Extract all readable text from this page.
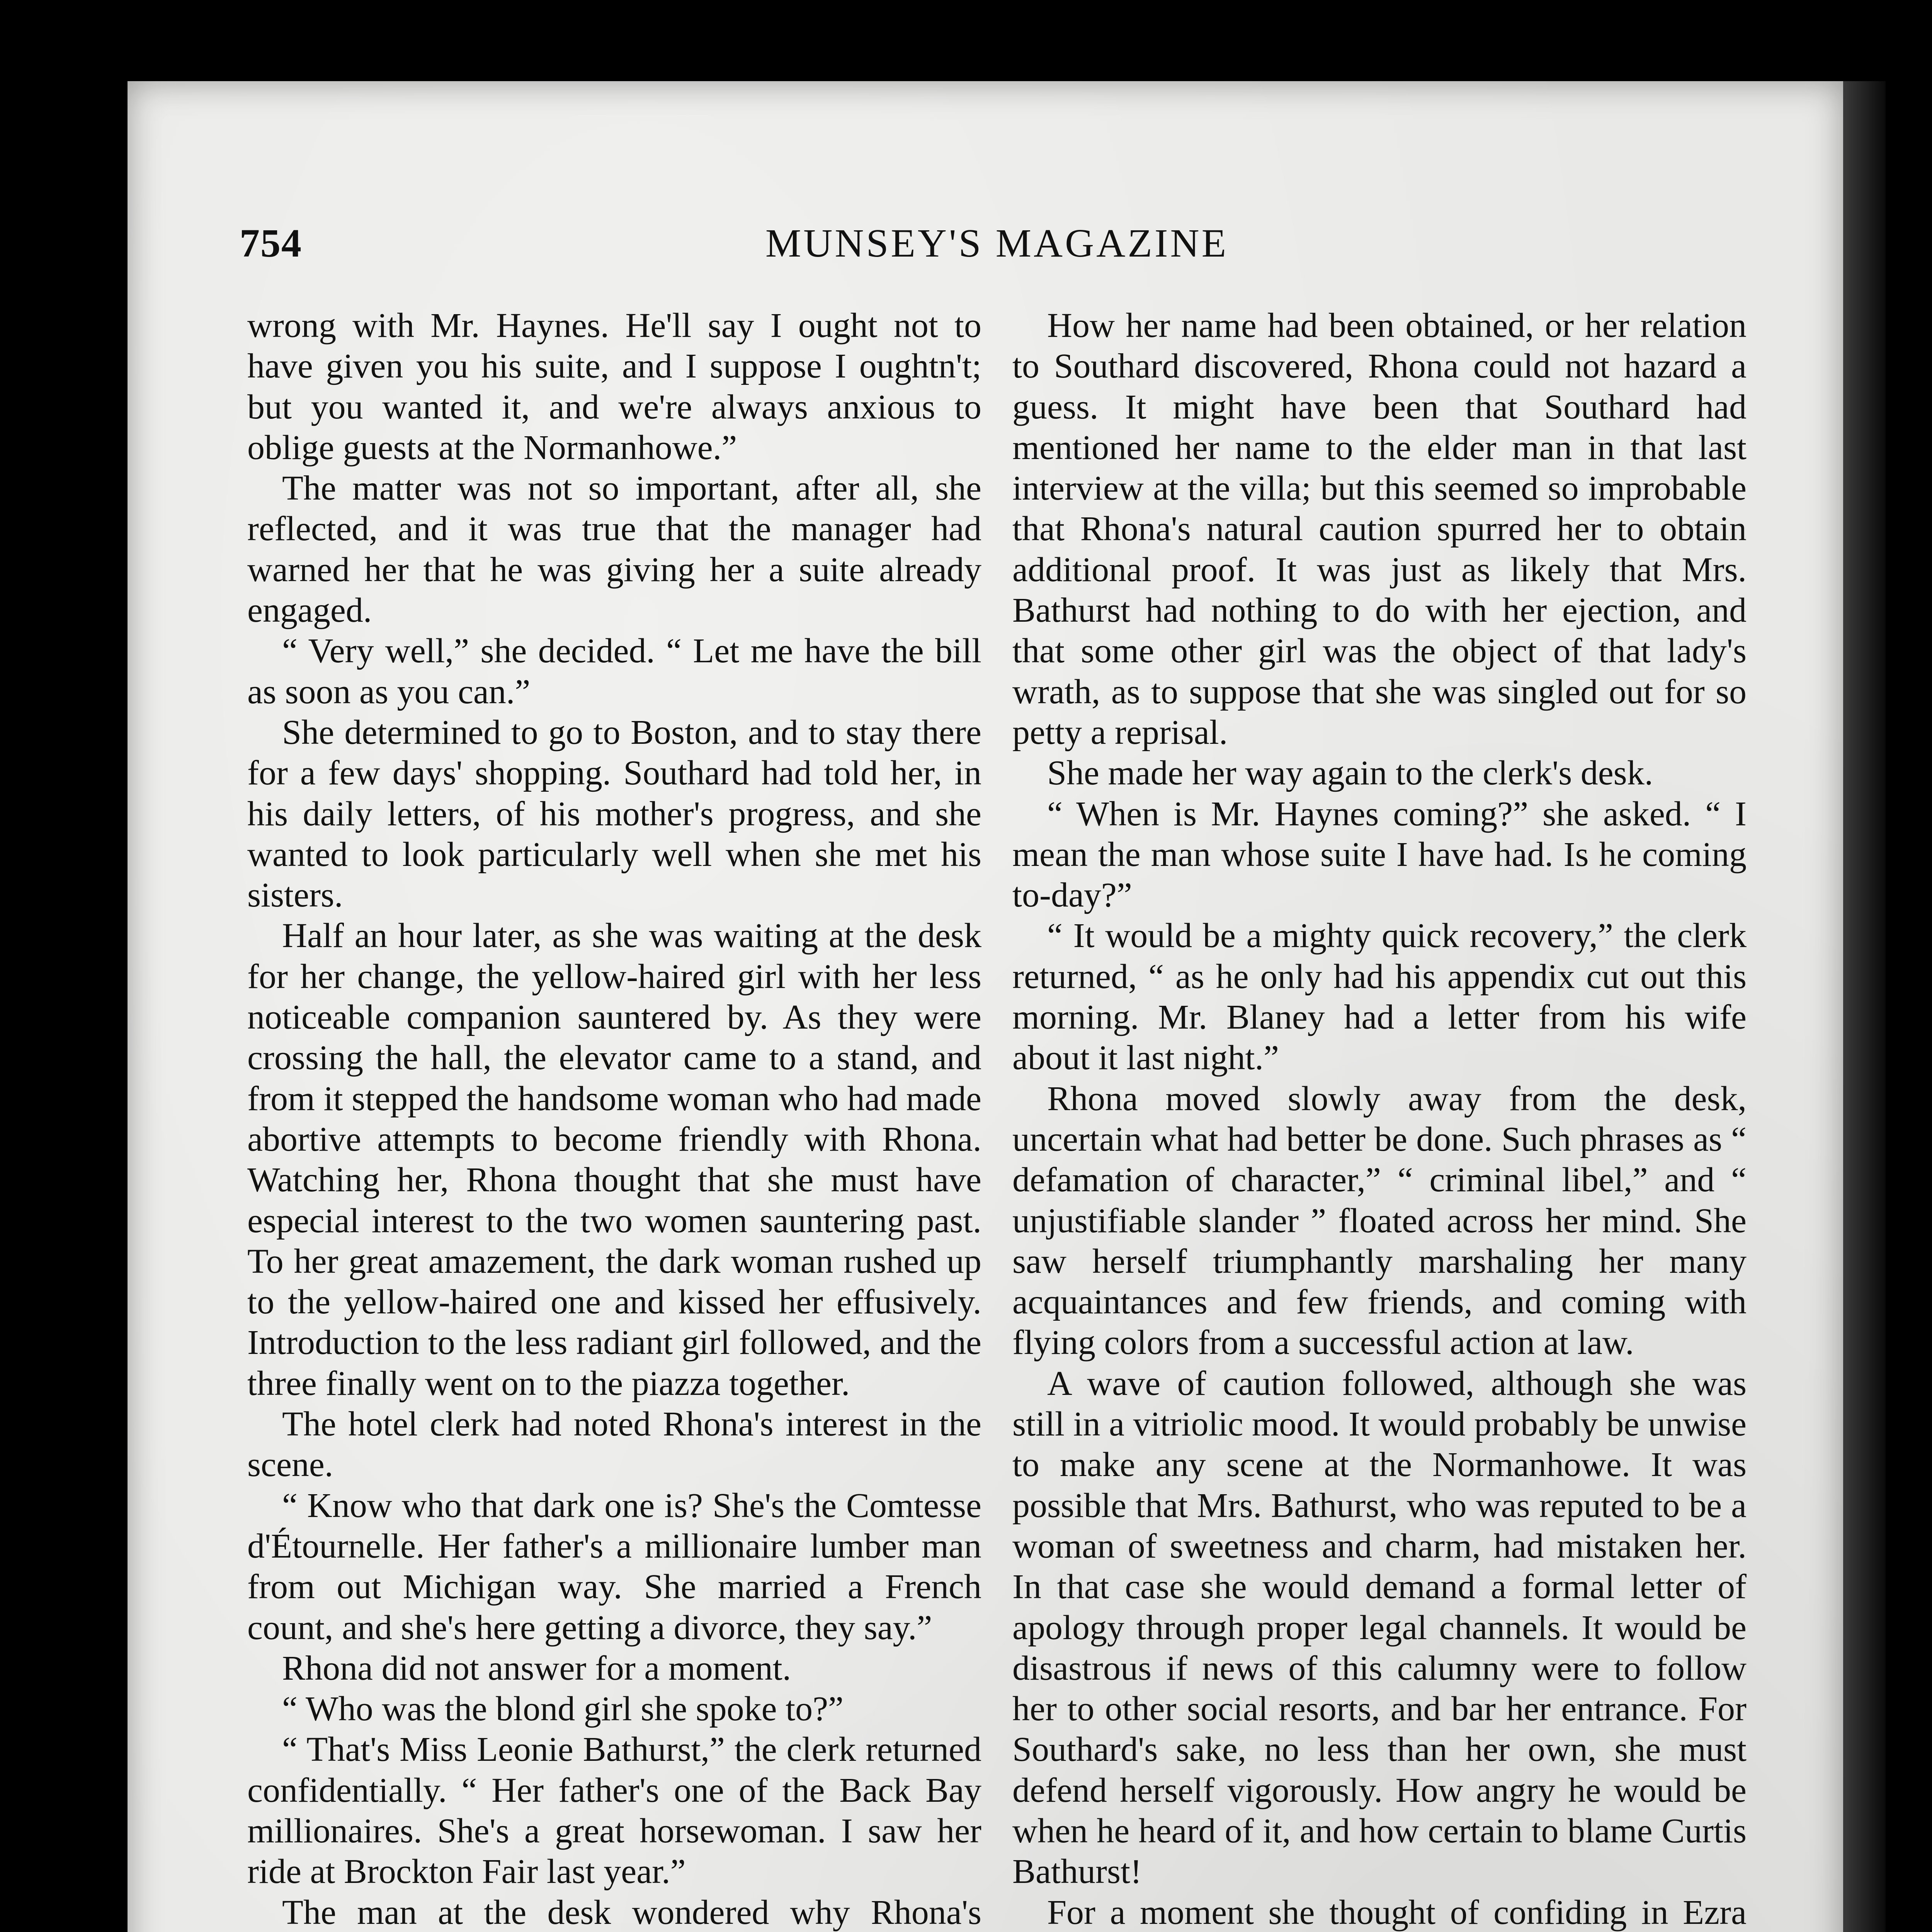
754	MUNSEY'S MAGAZINE

wrong with Mr. Haynes. He'll say I ought not to have given you his suite, and I suppose I oughtn't; but you wanted it, and we're always anxious to oblige guests at the Normanhowe.”

The matter was not so important, after all, she reflected, and it was true that the manager had warned her that he was giving her a suite already engaged.

“ Very well,” she decided. “ Let me have the bill as soon as you can.”

She determined to go to Boston, and to stay there for a few days' shopping. Southard had told her, in his daily letters, of his mother's progress, and she wanted to look particularly well when she met his sisters.

Half an hour later, as she was waiting at the desk for her change, the yellow-haired girl with her less noticeable companion sauntered by. As they were crossing the hall, the elevator came to a stand, and from it stepped the handsome woman who had made abortive attempts to become friendly with Rhona. Watching her, Rhona thought that she must have especial interest to the two women sauntering past. To her great amazement, the dark woman rushed up to the yellow-haired one and kissed her effusively. Introduction to the less radiant girl followed, and the three finally went on to the piazza together.

The hotel clerk had noted Rhona's interest in the scene.

“ Know who that dark one is? She's the Comtesse d'Étournelle. Her father's a millionaire lumber man from out Michigan way. She married a French count, and she's here getting a divorce, they say.”

Rhona did not answer for a moment.

“ Who was the blond girl she spoke to?”

“ That's Miss Leonie Bathurst,” the clerk returned confidentially. “ Her father's one of the Back Bay millionaires. She's a great horsewoman. I saw her ride at Brockton Fair last year.”

The man at the desk wondered why Rhona's

How her name had been obtained, or her relation to Southard discovered, Rhona could not hazard a guess. It might have been that Southard had mentioned her name to the elder man in that last interview at the villa; but this seemed so improbable that Rhona's natural caution spurred her to obtain additional proof. It was just as likely that Mrs. Bathurst had nothing to do with her ejection, and that some other girl was the object of that lady's wrath, as to suppose that she was singled out for so petty a reprisal.

She made her way again to the clerk's desk.

“ When is Mr. Haynes coming?” she asked. “ I mean the man whose suite I have had. Is he coming to-day?”

“ It would be a mighty quick recovery,” the clerk returned, “ as he only had his appendix cut out this morning. Mr. Blaney had a letter from his wife about it last night.”

Rhona moved slowly away from the desk, uncertain what had better be done. Such phrases as “ defamation of character,” “ criminal libel,” and “ unjustifiable slander ” floated across her mind. She saw herself triumphantly marshaling her many acquaintances and few friends, and coming with flying colors from a successful action at law.

A wave of caution followed, although she was still in a vitriolic mood. It would probably be unwise to make any scene at the Normanhowe. It was possible that Mrs. Bathurst, who was reputed to be a woman of sweetness and charm, had mistaken her. In that case she would demand a formal letter of apology through proper legal channels. It would be disastrous if news of this calumny were to follow her to other social resorts, and bar her entrance. For Southard's sake, no less than her own, she must defend herself vigorously. How angry he would be when he heard of it, and how certain to blame Curtis Bathurst!

For a moment she thought of confiding in Ezra
